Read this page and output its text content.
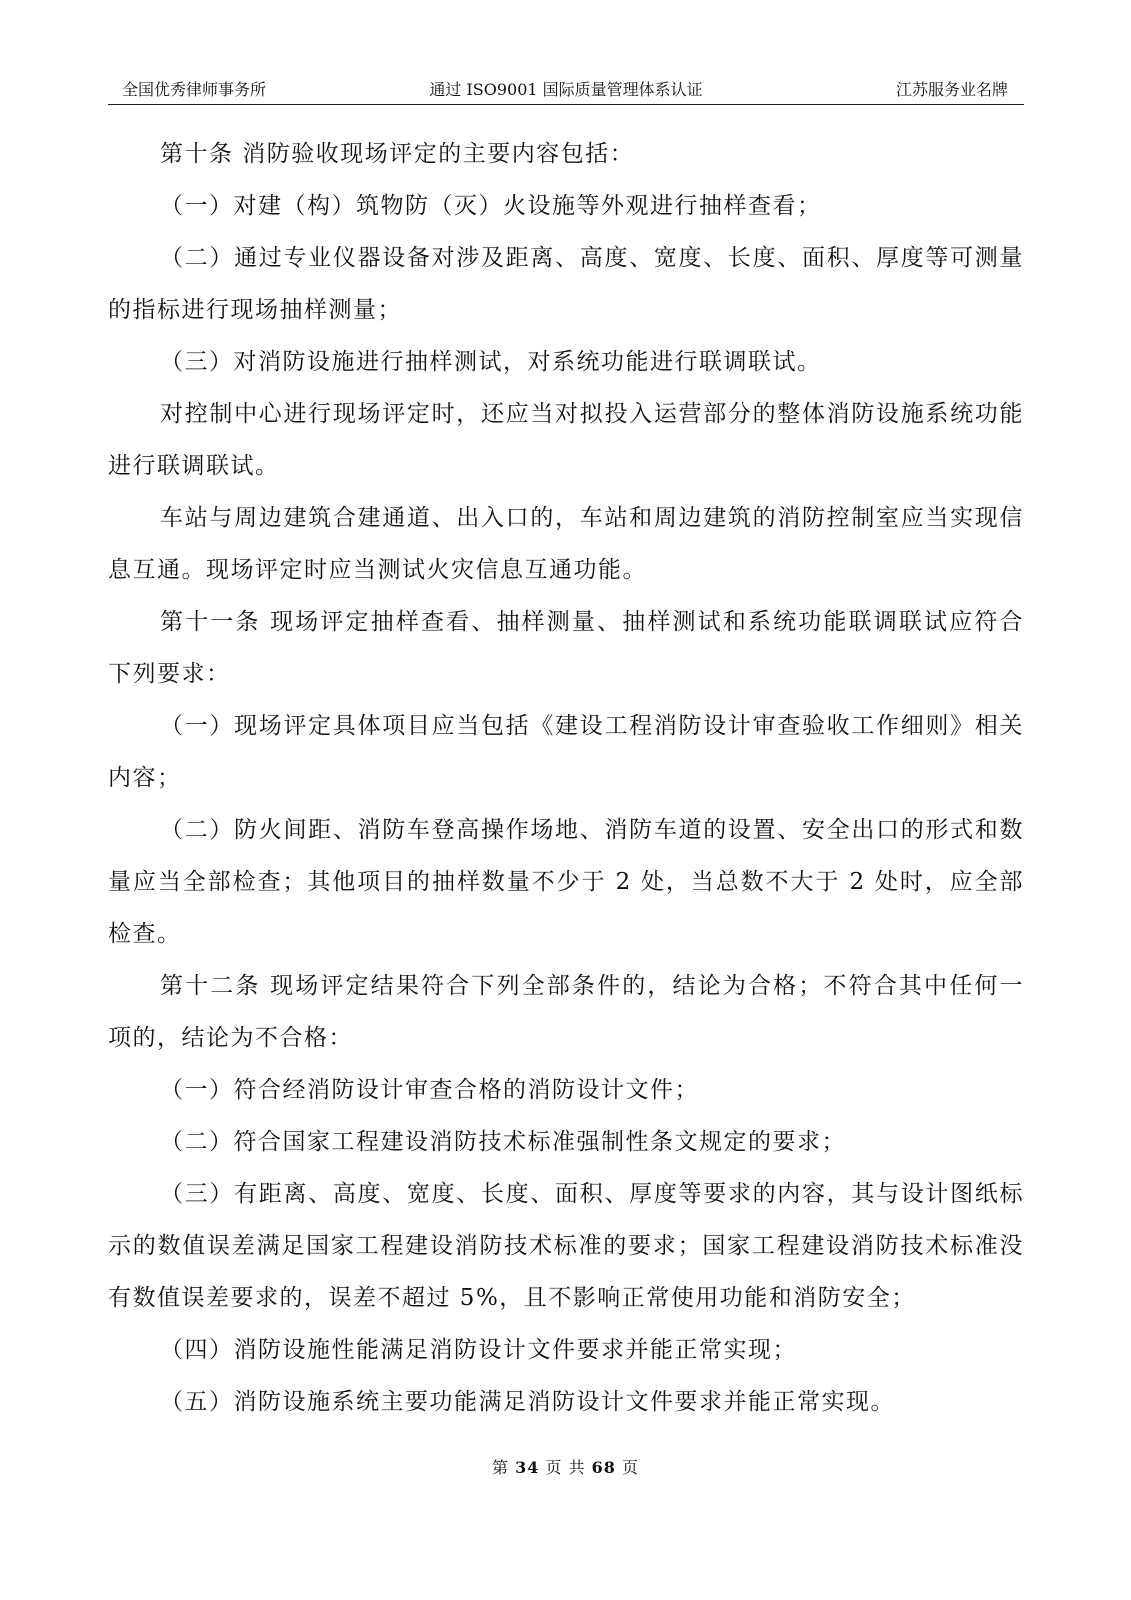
全国优秀律师事务所	通过 ISO9001 国际质量管理体系认证	江苏服务业名牌

第十条 消防验收现场评定的主要内容包括：

（一）对建（构）筑物防（灭）火设施等外观进行抽样查看；

（二）通过专业仪器设备对涉及距离、高度、宽度、长度、面积、厚度等可测量的指标进行现场抽样测量；

（三）对消防设施进行抽样测试，对系统功能进行联调联试。

对控制中心进行现场评定时，还应当对拟投入运营部分的整体消防设施系统功能进行联调联试。

车站与周边建筑合建通道、出入口的，车站和周边建筑的消防控制室应当实现信息互通。现场评定时应当测试火灾信息互通功能。

第十一条 现场评定抽样查看、抽样测量、抽样测试和系统功能联调联试应符合下列要求：

（一）现场评定具体项目应当包括《建设工程消防设计审查验收工作细则》相关内容；

（二）防火间距、消防车登高操作场地、消防车道的设置、安全出口的形式和数量应当全部检查；其他项目的抽样数量不少于 2 处，当总数不大于 2 处时，应全部检查。

第十二条 现场评定结果符合下列全部条件的，结论为合格；不符合其中任何一项的，结论为不合格：

（一）符合经消防设计审查合格的消防设计文件；

（二）符合国家工程建设消防技术标准强制性条文规定的要求；

（三）有距离、高度、宽度、长度、面积、厚度等要求的内容，其与设计图纸标示的数值误差满足国家工程建设消防技术标准的要求；国家工程建设消防技术标准没有数值误差要求的，误差不超过 5%，且不影响正常使用功能和消防安全；

（四）消防设施性能满足消防设计文件要求并能正常实现；

（五）消防设施系统主要功能满足消防设计文件要求并能正常实现。

第 34 页 共 68 页
